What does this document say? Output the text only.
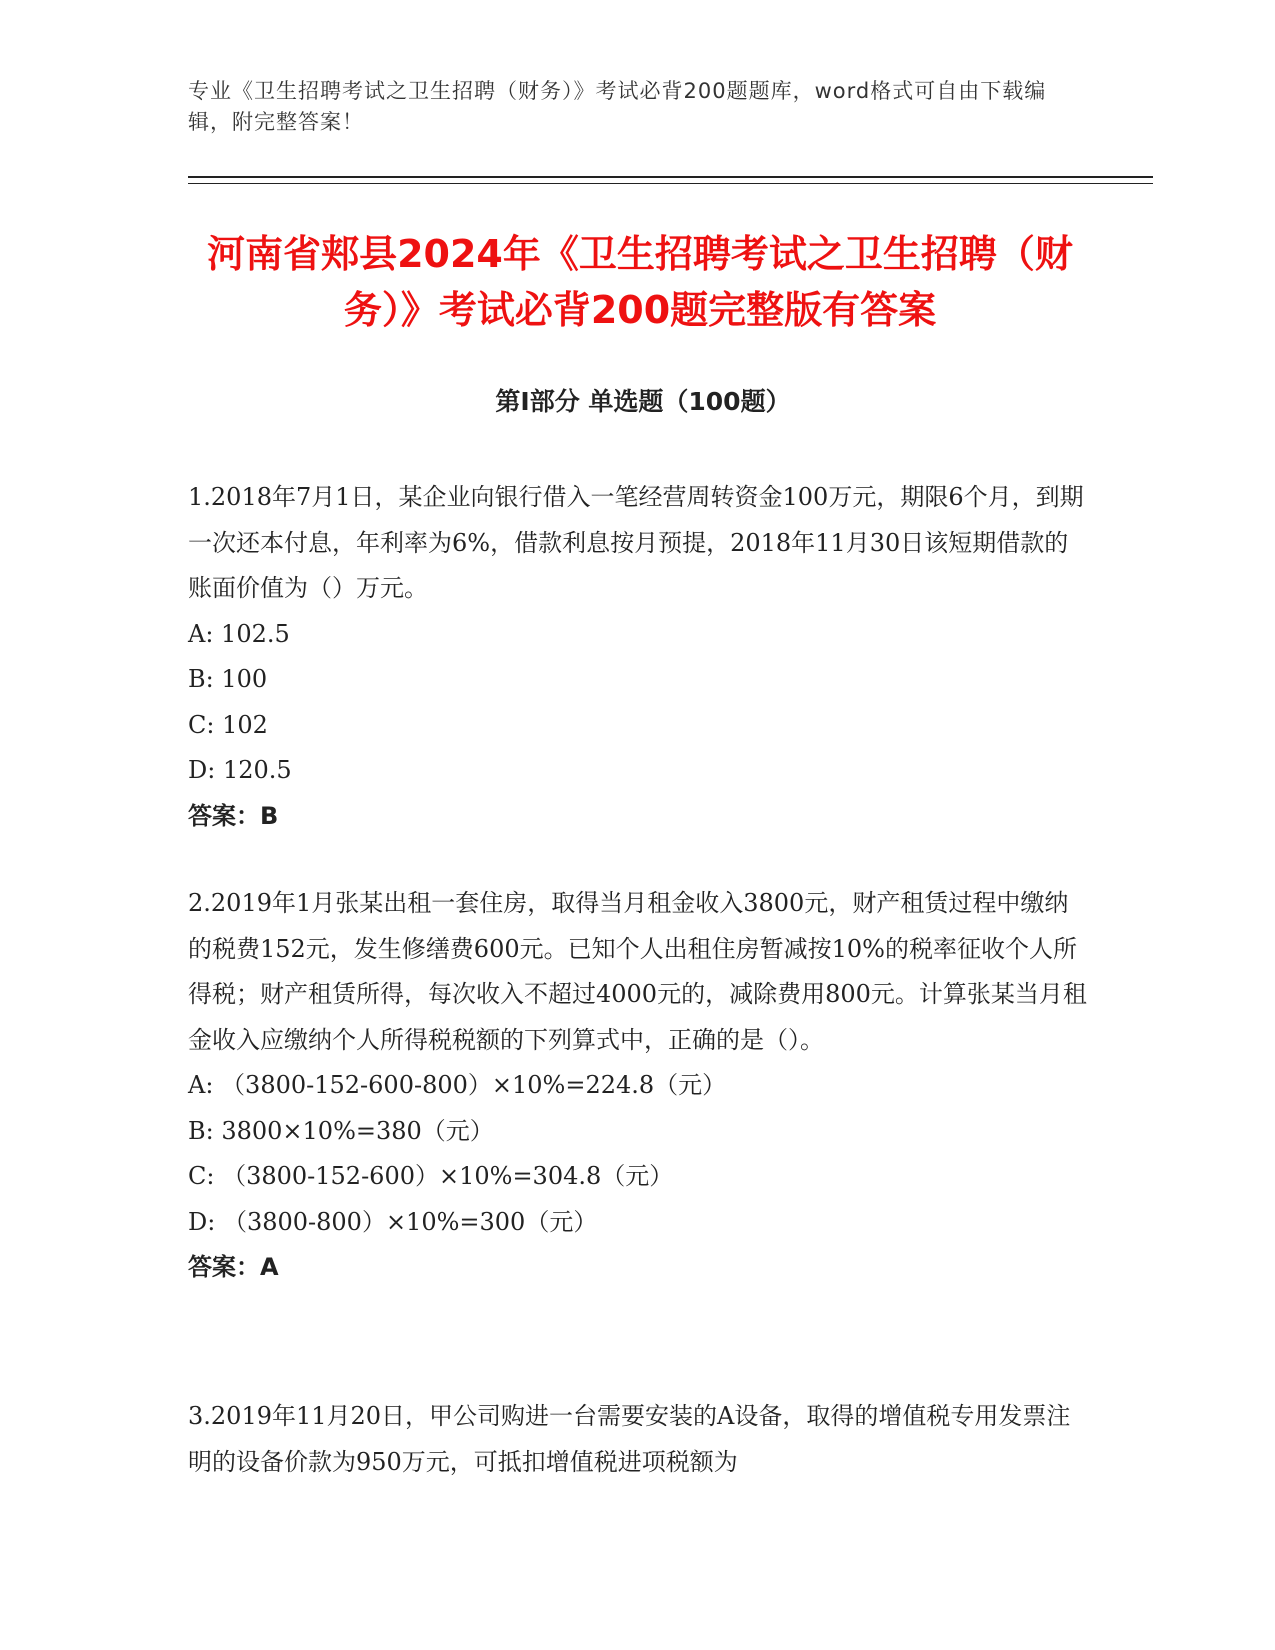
专业《卫生招聘考试之卫生招聘（财务）》考试必背200题题库，word格式可自由下载编辑，附完整答案！
河南省郏县2024年《卫生招聘考试之卫生招聘（财务）》考试必背200题完整版有答案
第Ⅰ部分 单选题（100题）

1.2018年7月1日，某企业向银行借入一笔经营周转资金100万元，期限6个月，到期一次还本付息，年利率为6%，借款利息按月预提，2018年11月30日该短期借款的账面价值为（）万元。

A: 102.5

B: 100

C: 102

D: 120.5

答案：B

2.2019年1月张某出租一套住房，取得当月租金收入3800元，财产租赁过程中缴纳的税费152元，发生修缮费600元。已知个人出租住房暂减按10%的税率征收个人所得税；财产租赁所得，每次收入不超过4000元的，减除费用800元。计算张某当月租金收入应缴纳个人所得税税额的下列算式中，正确的是（）。

A: （3800-152-600-800）×10%=224.8（元）

B: 3800×10%=380（元）

C: （3800-152-600）×10%=304.8（元）

D: （3800-800）×10%=300（元）

答案：A

3.2019年11月20日，甲公司购进一台需要安装的A设备，取得的增值税专用发票注明的设备价款为950万元，可抵扣增值税进项税额为
